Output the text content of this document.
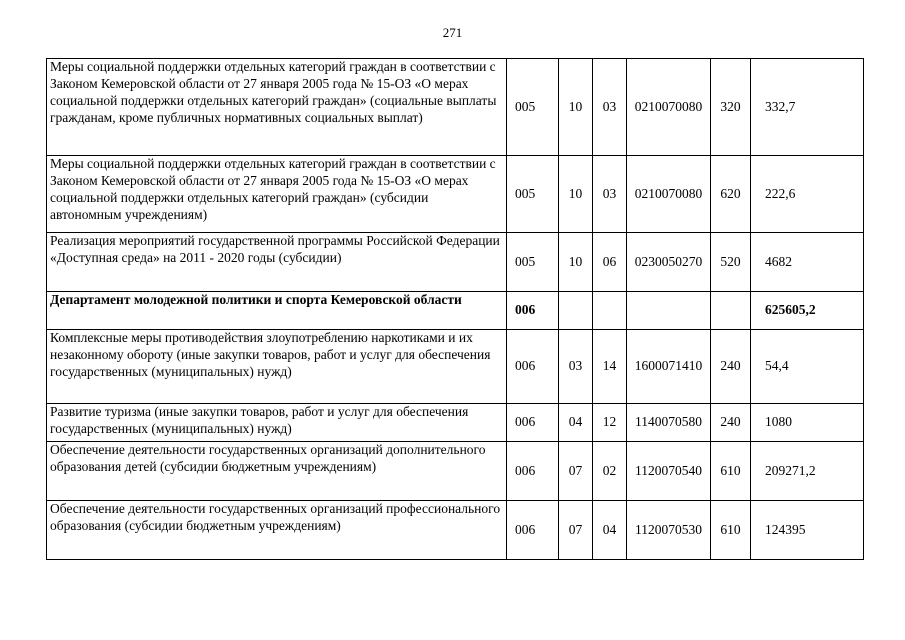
271
Меры социальной поддержки отдельных категорий граждан в соответствии с Законом Кемеровской области от 27 января 2005 года № 15-ОЗ «О мерах социальной поддержки отдельных категорий граждан» (социальные выплаты гражданам, кроме публичных нормативных социальных выплат)	005	10	03	0210070080	320	332,7
Меры социальной поддержки отдельных категорий граждан в соответствии с Законом Кемеровской области от 27 января 2005 года № 15-ОЗ «О мерах социальной поддержки отдельных категорий граждан» (субсидии автономным учреждениям)	005	10	03	0210070080	620	222,6
Реализация мероприятий государственной программы Российской Федерации «Доступная среда» на 2011 - 2020 годы (субсидии)	005	10	06	0230050270	520	4682
Департамент молодежной политики и спорта Кемеровской области	006					625605,2
Комплексные меры противодействия злоупотреблению наркотиками и их незаконному обороту (иные закупки товаров, работ и услуг для обеспечения государственных (муниципальных) нужд)	006	03	14	1600071410	240	54,4
Развитие туризма (иные закупки товаров, работ и услуг для обеспечения государственных (муниципальных) нужд)	006	04	12	1140070580	240	1080
Обеспечение деятельности государственных организаций дополнительного образования детей (субсидии бюджетным учреждениям)	006	07	02	1120070540	610	209271,2
Обеспечение деятельности государственных организаций профессионального образования (субсидии бюджетным учреждениям)	006	07	04	1120070530	610	124395
